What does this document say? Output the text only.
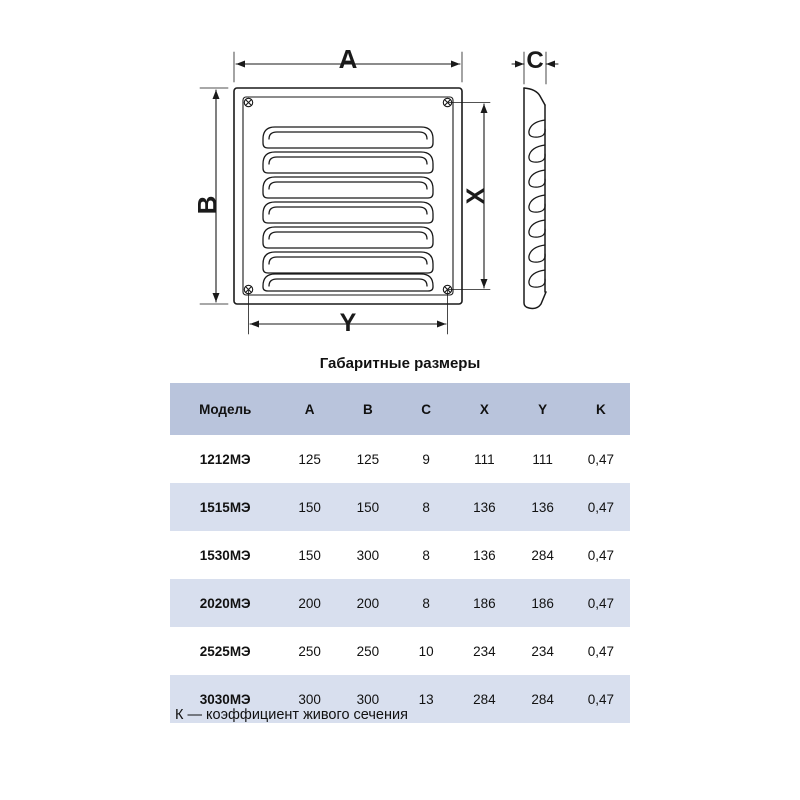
A
B
C
X
Y
Габаритные размеры
Модель	A	B	C	X	Y	K
1212МЭ	125	125	9	111	111	0,47
1515МЭ	150	150	8	136	136	0,47
1530МЭ	150	300	8	136	284	0,47
2020МЭ	200	200	8	186	186	0,47
2525МЭ	250	250	10	234	234	0,47
3030МЭ	300	300	13	284	284	0,47
К — коэффициент живого сечения
